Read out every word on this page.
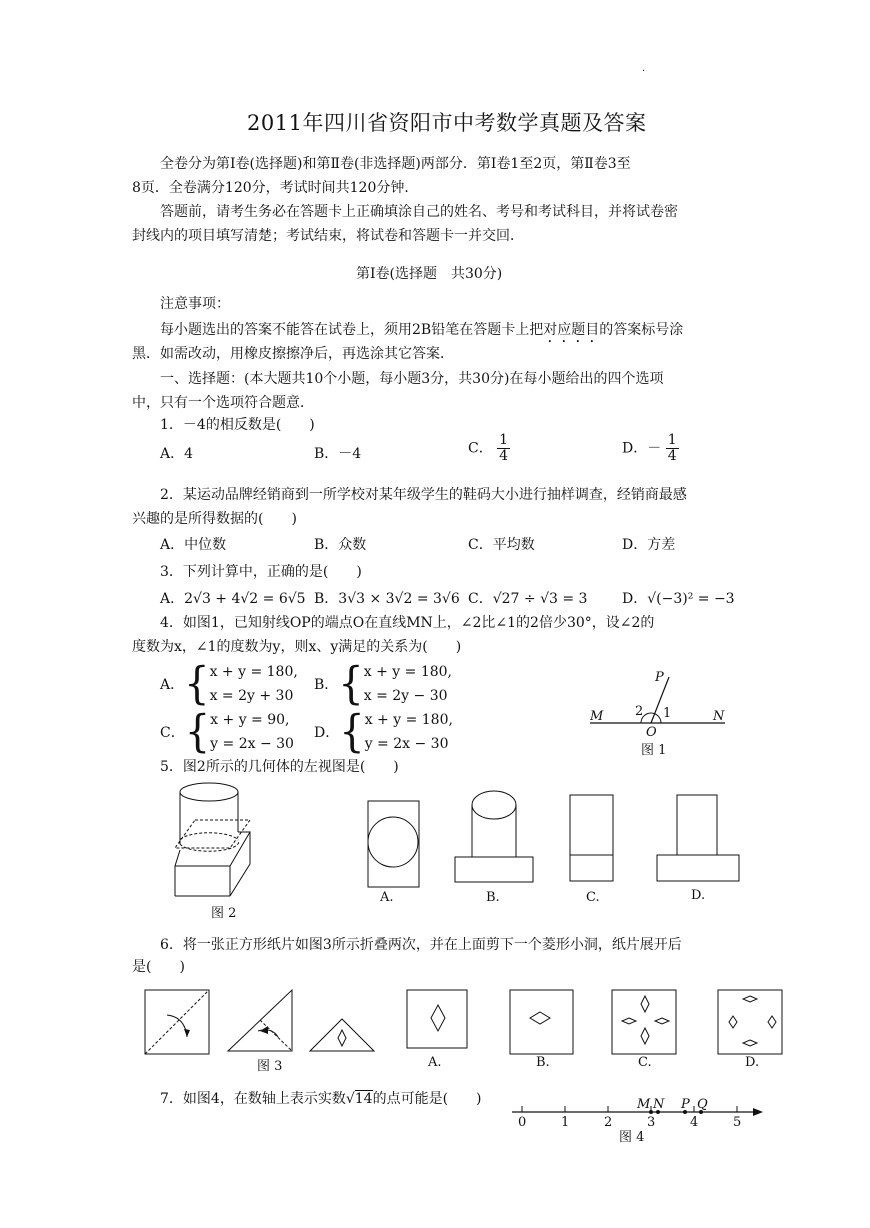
·
2011年四川省资阳市中考数学真题及答案
全卷分为第Ⅰ卷(选择题)和第Ⅱ卷(非选择题)两部分．第Ⅰ卷1至2页，第Ⅱ卷3至
8页．全卷满分120分，考试时间共120分钟．
答题前，请考生务必在答题卡上正确填涂自己的姓名、考号和考试科目，并将试卷密
封线内的项目填写清楚；考试结束，将试卷和答题卡一并交回．
第Ⅰ卷(选择题　共30分)
注意事项：
每小题选出的答案不能答在试卷上，须用2B铅笔在答题卡上把对应题目的答案标号涂
黑．如需改动，用橡皮擦擦净后，再选涂其它答案．
一、选择题：(本大题共10个小题，每小题3分，共30分)在每小题给出的四个选项
中，只有一个选项符合题意．
1．－4的相反数是(　　)
A．4	B．－4	C． $\frac{1}{4}$	D．－ $\frac{1}{4}$
2．某运动品牌经销商到一所学校对某年级学生的鞋码大小进行抽样调查，经销商最感
兴趣的是所得数据的(　　)
A．中位数	B．众数	C．平均数	D．方差
3．下列计算中，正确的是(　　)
A．2√3 + 4√2 = 6√5 B．3√3 × 3√2 = 3√6 C．√27 ÷ √3 = 3 D．√(−3)² = −3
4．如图1，已知射线OP的端点O在直线MN上，∠2比∠1的2倍少30°，设∠2的
度数为x，∠1的度数为y，则x、y满足的关系为(　　)
A．{ x + y = 180,
x = 2y + 30
B．{ x + y = 180,
x = 2y − 30
C．{ x + y = 90,
y = 2x − 30
D．{ x + y = 180,
y = 2x − 30
P
M	N
O
2 1
图 1
5．图2所示的几何体的左视图是(　　)
图 2
A.	B.	C.	D.
6．将一张正方形纸片如图3所示折叠两次，并在上面剪下一个菱形小洞，纸片展开后
是(　　)
图 3	A.	B.	C.	D.
7．如图4，在数轴上表示实数√14的点可能是(　　)
0	1	2	3	4	5
M N P Q
图 4
